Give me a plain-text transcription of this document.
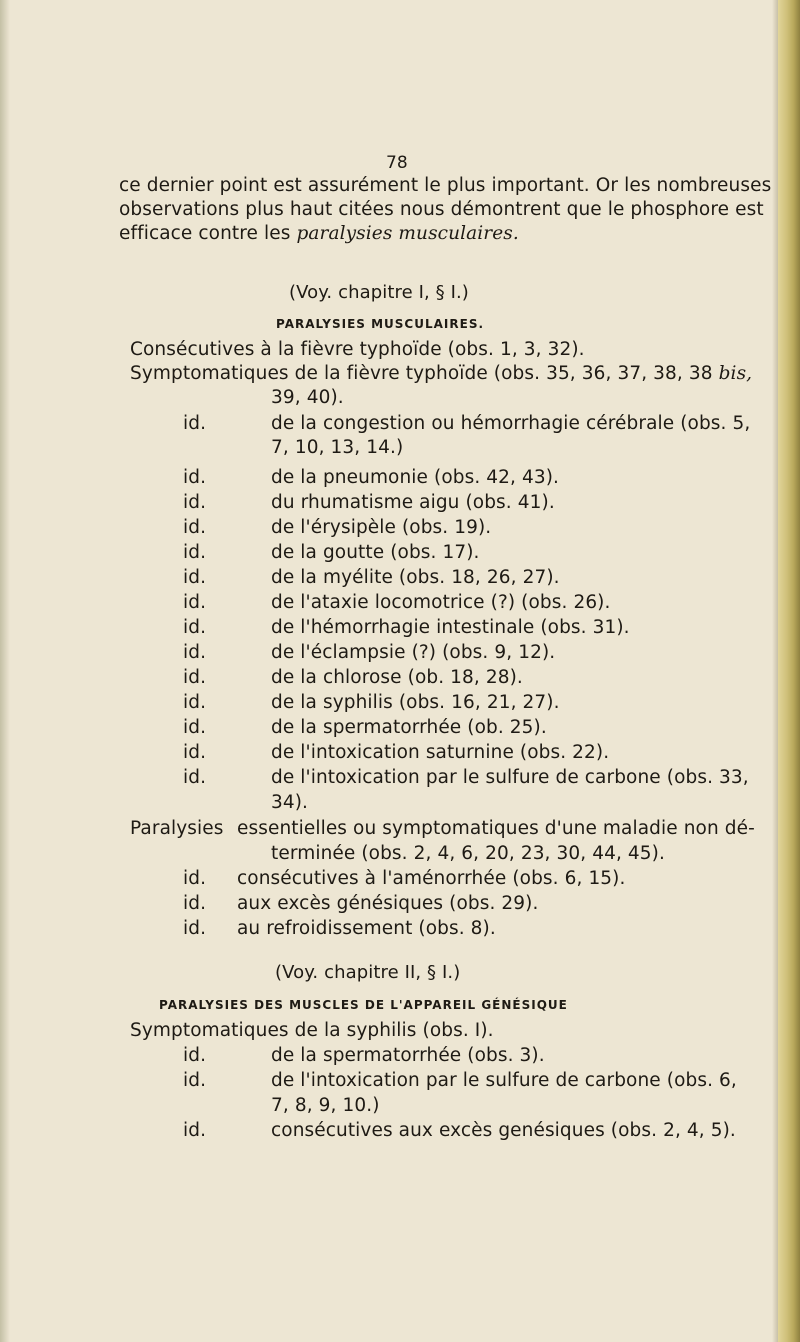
78
ce dernier point est assurément le plus important. Or les nombreuses
observations plus haut citées nous démontrent que le phosphore est
efficace contre les paralysies musculaires.
(Voy. chapitre I, § I.)
PARALYSIES MUSCULAIRES.
Consécutives à la fièvre typhoïde (obs. 1, 3, 32).
Symptomatiques de la fièvre typhoïde (obs. 35, 36, 37, 38, 38 bis,
39, 40).
id.	de la congestion ou hémorrhagie cérébrale (obs. 5,
7, 10, 13, 14.)
id.	de la pneumonie (obs. 42, 43).
id.	du rhumatisme aigu (obs. 41).
id.	de l'érysipèle (obs. 19).
id.	de la goutte (obs. 17).
id.	de la myélite (obs. 18, 26, 27).
id.	de l'ataxie locomotrice (?) (obs. 26).
id.	de l'hémorrhagie intestinale (obs. 31).
id.	de l'éclampsie (?) (obs. 9, 12).
id.	de la chlorose (ob. 18, 28).
id.	de la syphilis (obs. 16, 21, 27).
id.	de la spermatorrhée (ob. 25).
id.	de l'intoxication saturnine (obs. 22).
id.	de l'intoxication par le sulfure de carbone (obs. 33,
34).
Paralysies essentielles ou symptomatiques d'une maladie non dé-
terminée (obs. 2, 4, 6, 20, 23, 30, 44, 45).
id. consécutives à l'aménorrhée (obs. 6, 15).
id. aux excès génésiques (obs. 29).
id. au refroidissement (obs. 8).
(Voy. chapitre II, § I.)
PARALYSIES DES MUSCLES DE L'APPAREIL GÉNÉSIQUE
Symptomatiques de la syphilis (obs. I).
id.	de la spermatorrhée (obs. 3).
id.	de l'intoxication par le sulfure de carbone (obs. 6,
7, 8, 9, 10.)
id.	consécutives aux excès genésiques (obs. 2, 4, 5).
